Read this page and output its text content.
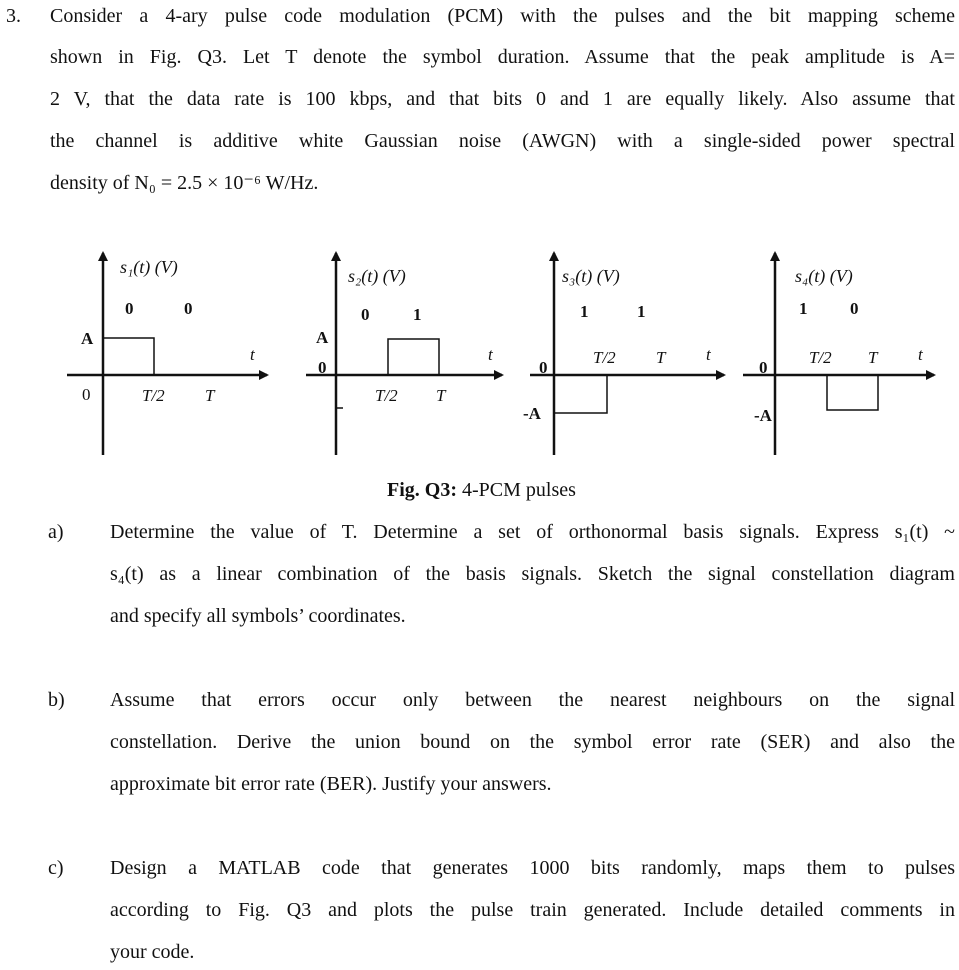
3. Consider a 4-ary pulse code modulation (PCM) with the pulses and the bit mapping scheme
shown in Fig. Q3. Let T denote the symbol duration. Assume that the peak amplitude is A=
2 V, that the data rate is 100 kbps, and that bits 0 and 1 are equally likely. Also assume that
the channel is additive white Gaussian noise (AWGN) with a single-sided power spectral
density of N₀ = 2.5 × 10⁻⁶ W/Hz.
s₁(t) (V)
0	0
A
0	T/2 T
t
s₂(t) (V)
0	1
A
0
T/2 T
t
s₃(t) (V)
1	1
-A
0
T/2 T t
s₄(t) (V)
1	0
-A
0
T/2 T t
Fig. Q3: 4-PCM pulses
a) Determine the value of T. Determine a set of orthonormal basis signals. Express s₁(t) ~
s₄(t) as a linear combination of the basis signals. Sketch the signal constellation diagram
and specify all symbols’ coordinates.
b) Assume that errors occur only between the nearest neighbours on the signal
constellation. Derive the union bound on the symbol error rate (SER) and also the
approximate bit error rate (BER). Justify your answers.
c) Design a MATLAB code that generates 1000 bits randomly, maps them to pulses
according to Fig. Q3 and plots the pulse train generated. Include detailed comments in
your code.
